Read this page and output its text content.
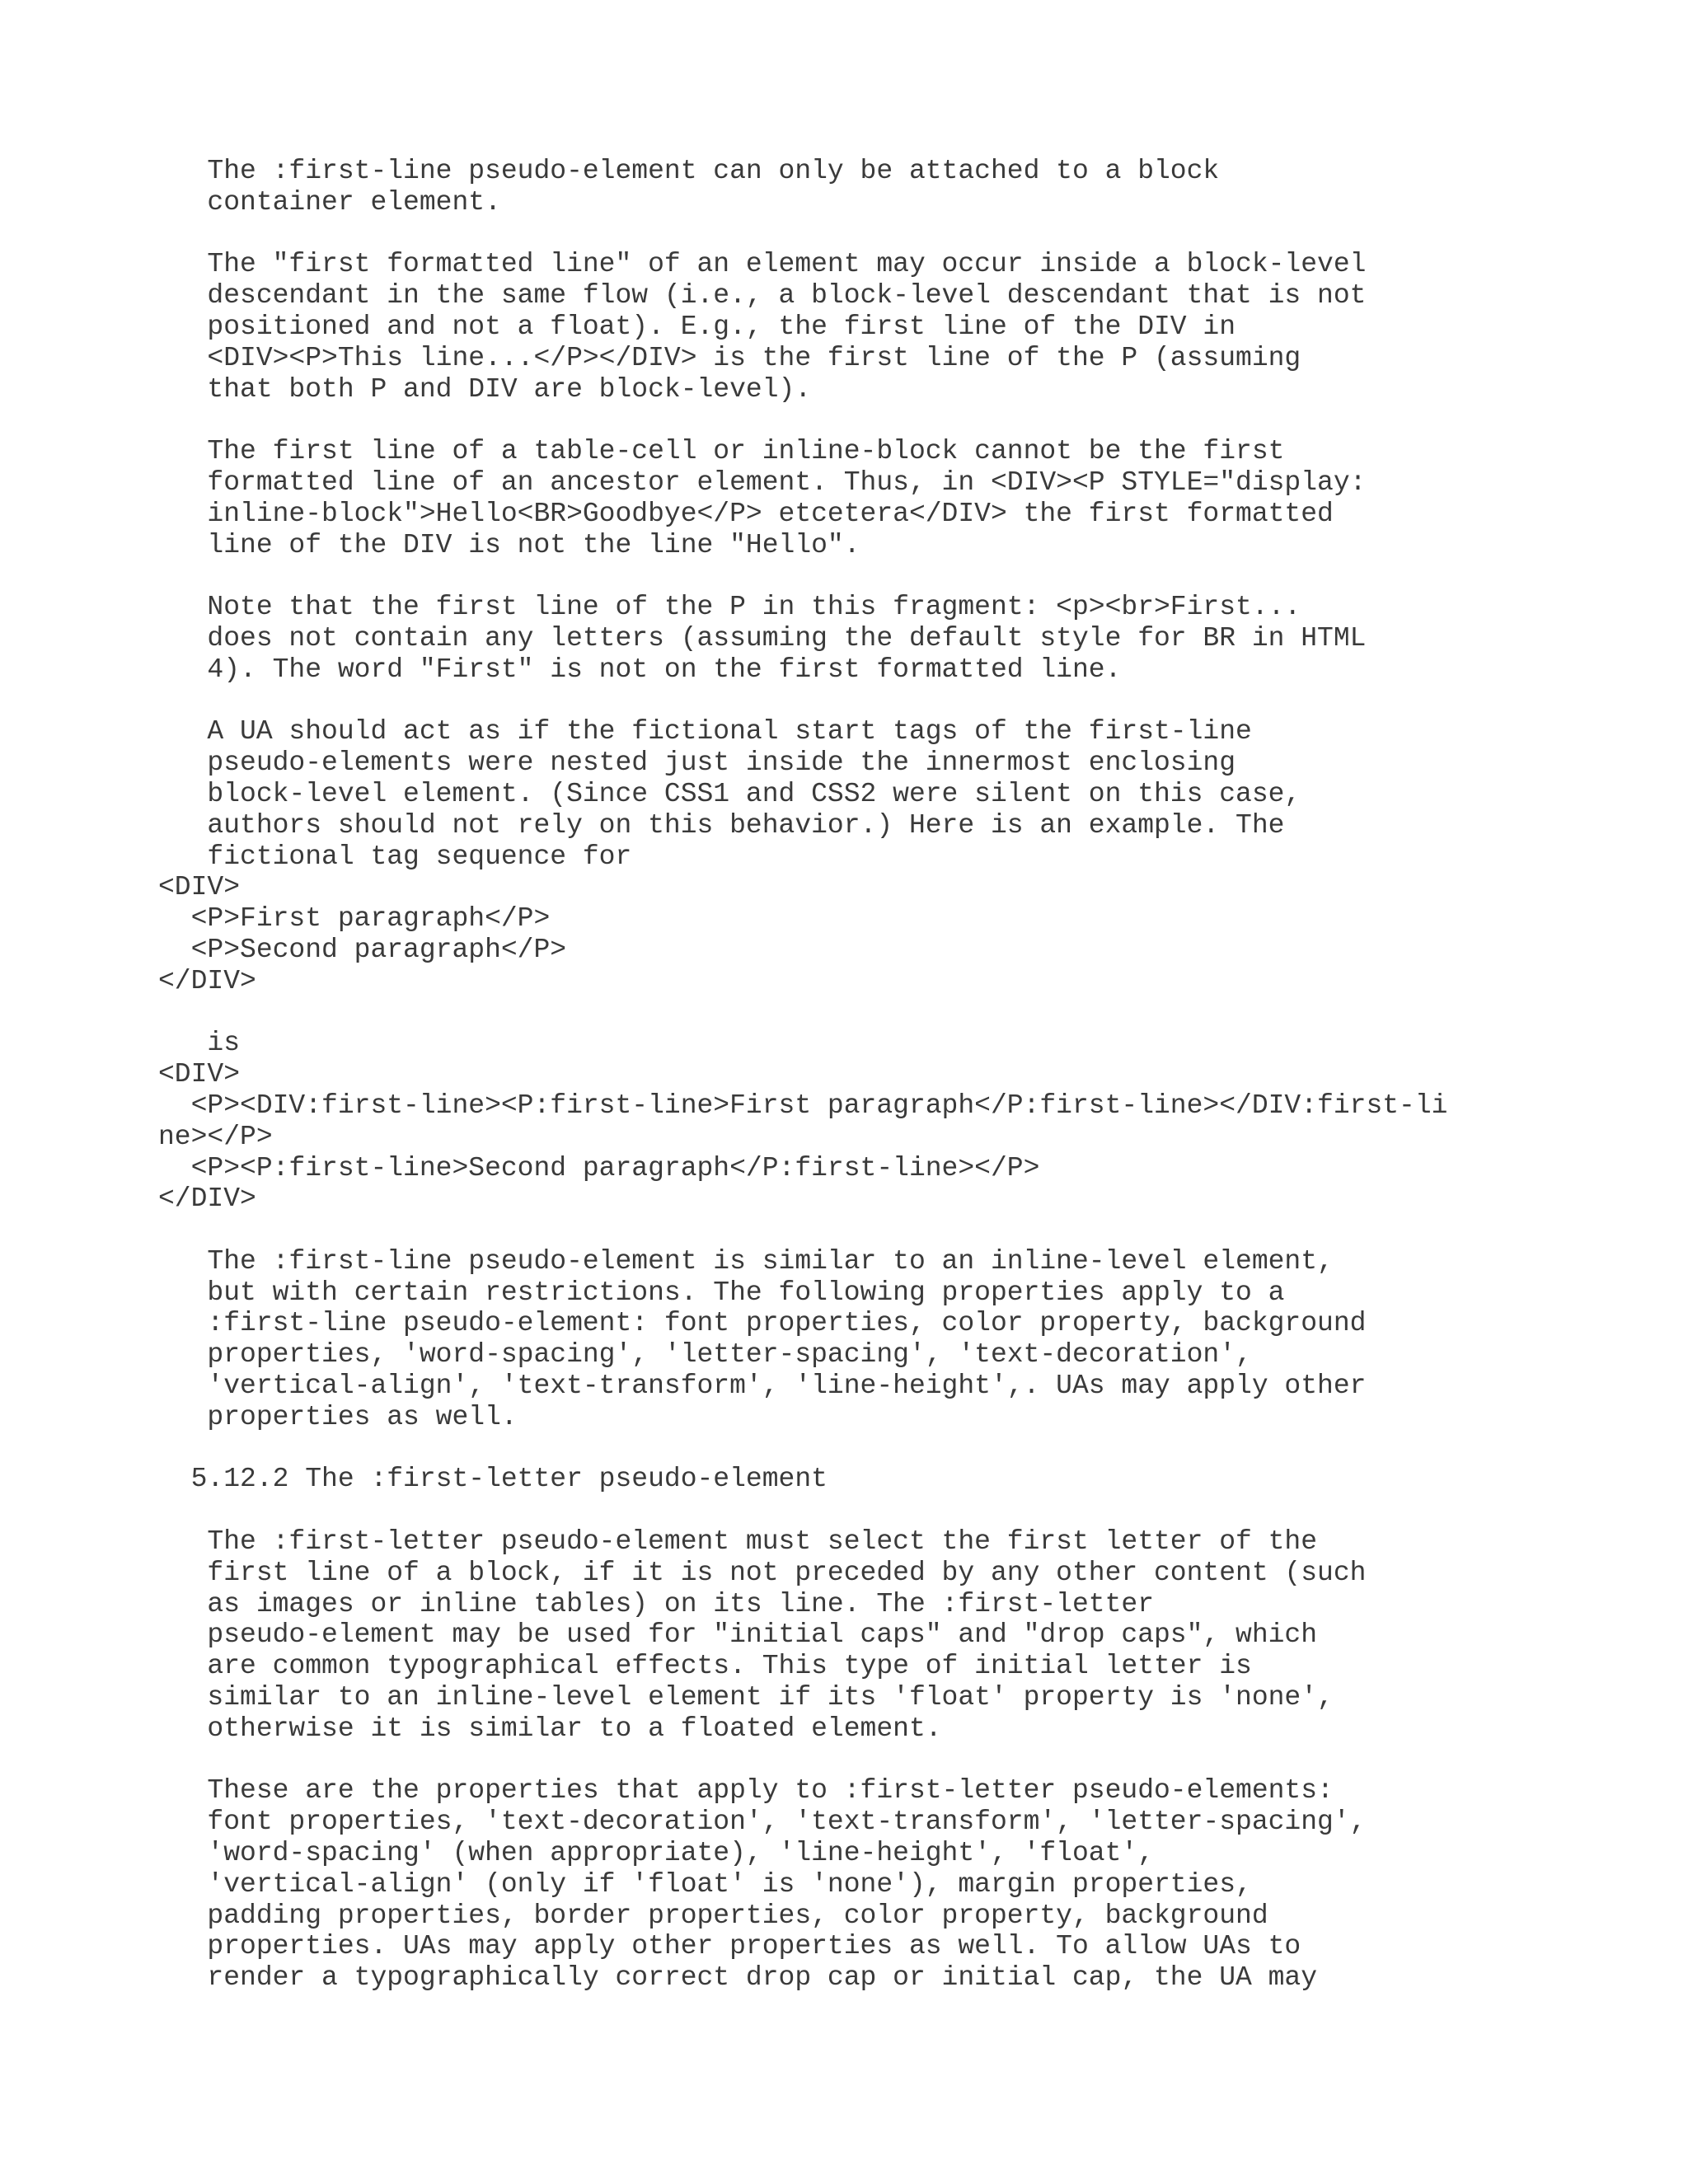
The :first-line pseudo-element can only be attached to a block
container element.

The "first formatted line" of an element may occur inside a block-level
descendant in the same flow (i.e., a block-level descendant that is not
positioned and not a float). E.g., the first line of the DIV in
<DIV><P>This line...</P></DIV> is the first line of the P (assuming
that both P and DIV are block-level).

The first line of a table-cell or inline-block cannot be the first
formatted line of an ancestor element. Thus, in <DIV><P STYLE="display:
inline-block">Hello<BR>Goodbye</P> etcetera</DIV> the first formatted
line of the DIV is not the line "Hello".

Note that the first line of the P in this fragment: <p><br>First...
does not contain any letters (assuming the default style for BR in HTML
4). The word "First" is not on the first formatted line.

A UA should act as if the fictional start tags of the first-line
pseudo-elements were nested just inside the innermost enclosing
block-level element. (Since CSS1 and CSS2 were silent on this case,
authors should not rely on this behavior.) Here is an example. The
fictional tag sequence for
<DIV>
<P>First paragraph</P>
<P>Second paragraph</P>
</DIV>

is
<DIV>
<P><DIV:first-line><P:first-line>First paragraph</P:first-line></DIV:first-li
ne></P>
<P><P:first-line>Second paragraph</P:first-line></P>
</DIV>

The :first-line pseudo-element is similar to an inline-level element,
but with certain restrictions. The following properties apply to a
:first-line pseudo-element: font properties, color property, background
properties, 'word-spacing', 'letter-spacing', 'text-decoration',
'vertical-align', 'text-transform', 'line-height',. UAs may apply other
properties as well.

5.12.2 The :first-letter pseudo-element

The :first-letter pseudo-element must select the first letter of the
first line of a block, if it is not preceded by any other content (such
as images or inline tables) on its line. The :first-letter
pseudo-element may be used for "initial caps" and "drop caps", which
are common typographical effects. This type of initial letter is
similar to an inline-level element if its 'float' property is 'none',
otherwise it is similar to a floated element.

These are the properties that apply to :first-letter pseudo-elements:
font properties, 'text-decoration', 'text-transform', 'letter-spacing',
'word-spacing' (when appropriate), 'line-height', 'float',
'vertical-align' (only if 'float' is 'none'), margin properties,
padding properties, border properties, color property, background
properties. UAs may apply other properties as well. To allow UAs to
render a typographically correct drop cap or initial cap, the UA may
